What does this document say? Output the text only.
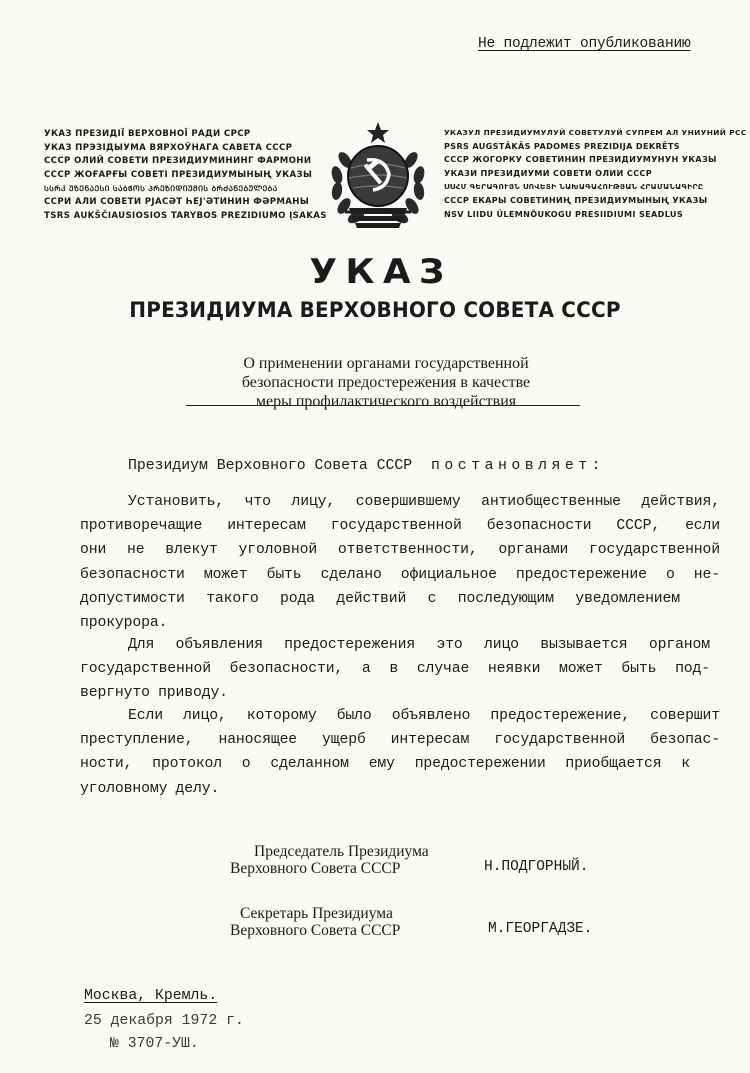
Не подлежит опубликованию
УКАЗ ПРЕЗИДІЇ ВЕРХОВНОЇ РАДИ СРСР
УКАЗ ПРЭЗІДЫУМА ВЯРХОЎНАГА САВЕТА СССР
СССР ОЛИЙ СОВЕТИ ПРЕЗИДИУМИНИНГ ФАРМОНИ
СССР ЖОҒАРҒЫ СОВЕТІ ПРЕЗИДИУМЫНЫҢ УКАЗЫ
ᲡᲡᲠᲙ ᲣᲖᲔᲜᲐᲔᲡᲘ ᲡᲐᲑᲭᲝᲡ ᲞᲠᲔᲖᲘᲓᲘᲣᲛᲘᲡ ᲑᲠᲫᲐᲜᲔᲑᲣᲚᲔᲑᲐ
ССРИ АЛИ СОВЕТИ РЈАСӘТ ҺЕЈ'ӘТИНИН ФӘРМАНЫ
TSRS AUKŠČIAUSIOSIOS TARYBOS PREZIDIUMO ĮSAKAS
УКАЗУЛ ПРЕЗИДИУМУЛУЙ СОВЕТУЛУЙ СУПРЕМ АЛ УНИУНИЙ РСС
PSRS AUGSTĀKĀS PADOMES PREZIDIJA DEKRĒTS
СССР ЖОГОРКУ СОВЕТИНИН ПРЕЗИДИУМУНУН УКАЗЫ
УКАЗИ ПРЕЗИДИУМИ СОВЕТИ ОЛИИ СССР
ՍՍՀՄ ԳԵՐԱԳՈՒՅՆ ՍՈՎԵՏԻ ՆԱԽԱԳԱՀՈՒԹՅԱՆ ՀՐԱՄԱՆԱԳԻՐԸ
СССР ЕКАРЫ СОВЕТИНИҢ ПРЕЗИДИУМЫНЫҢ УКАЗЫ
NSV LIIDU ÜLEMNÕUKOGU PRESIIDIUMI SEADLUS
УКАЗ
ПРЕЗИДИУМА ВЕРХОВНОГО СОВЕТА СССР
О применении органами государственной
безопасности предостережения в качестве
меры профилактического воздействия
Президиум Верховного Совета СССР постановляет:
Установить, что лицу, совершившему антиобщественные действия,
противоречащие интересам государственной безопасности СССР, если
они не влекут уголовной ответственности, органами государственной
безопасности может быть сделано официальное предостережение о не-
допустимости такого рода действий с последующим уведомлением
прокурора.
Для объявления предостережения это лицо вызывается органом
государственной безопасности, а в случае неявки может быть под-
вергнуто приводу.
Если лицо, которому было объявлено предостережение, совершит
преступление, наносящее ущерб интересам государственной безопас-
ности, протокол о сделанном ему предостережении приобщается к
уголовному делу.
Председатель Президиума
Верховного Совета СССР	Н.ПОДГОРНЫЙ.
Секретарь Президиума
Верховного Совета СССР	М.ГЕОРГАДЗЕ.
Москва, Кремль.
25 декабря 1972 г.
№ 3707-УШ.
